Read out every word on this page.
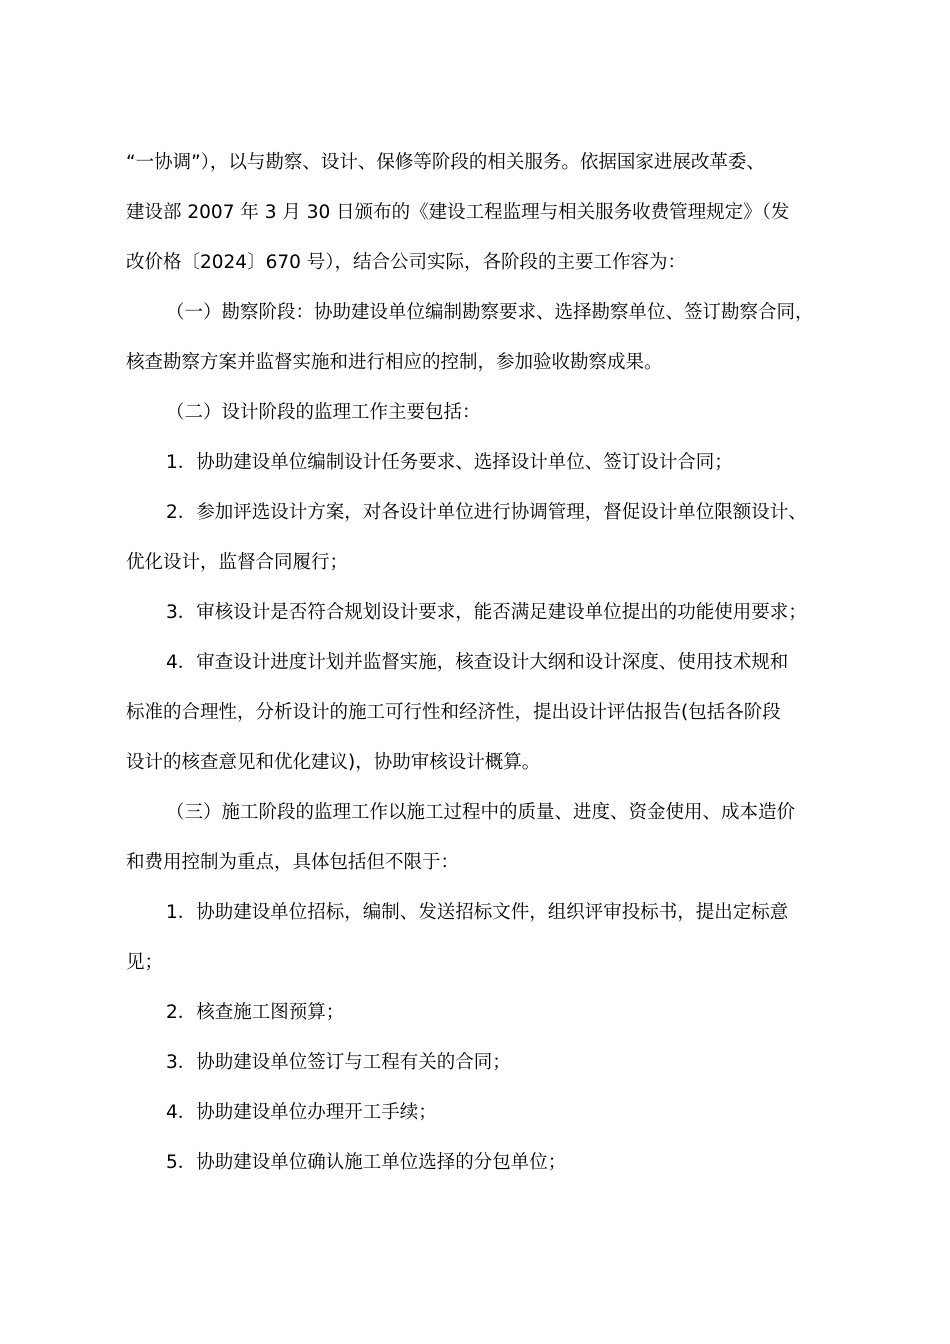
“一协调”），以与勘察、设计、保修等阶段的相关服务。依据国家进展改革委、
建设部 2007 年 3 月 30 日颁布的《建设工程监理与相关服务收费管理规定》（发
改价格〔2024〕670 号），结合公司实际，各阶段的主要工作容为：
（一）勘察阶段：协助建设单位编制勘察要求、选择勘察单位、签订勘察合同，
核查勘察方案并监督实施和进行相应的控制，参加验收勘察成果。
（二）设计阶段的监理工作主要包括：
1．协助建设单位编制设计任务要求、选择设计单位、签订设计合同；
2．参加评选设计方案，对各设计单位进行协调管理，督促设计单位限额设计、
优化设计，监督合同履行；
3．审核设计是否符合规划设计要求，能否满足建设单位提出的功能使用要求；
4．审查设计进度计划并监督实施，核查设计大纲和设计深度、使用技术规和
标准的合理性，分析设计的施工可行性和经济性，提出设计评估报告(包括各阶段
设计的核查意见和优化建议)，协助审核设计概算。
（三）施工阶段的监理工作以施工过程中的质量、进度、资金使用、成本造价
和费用控制为重点，具体包括但不限于：
1．协助建设单位招标，编制、发送招标文件，组织评审投标书，提出定标意
见；
2．核查施工图预算；
3．协助建设单位签订与工程有关的合同；
4．协助建设单位办理开工手续；
5．协助建设单位确认施工单位选择的分包单位；
